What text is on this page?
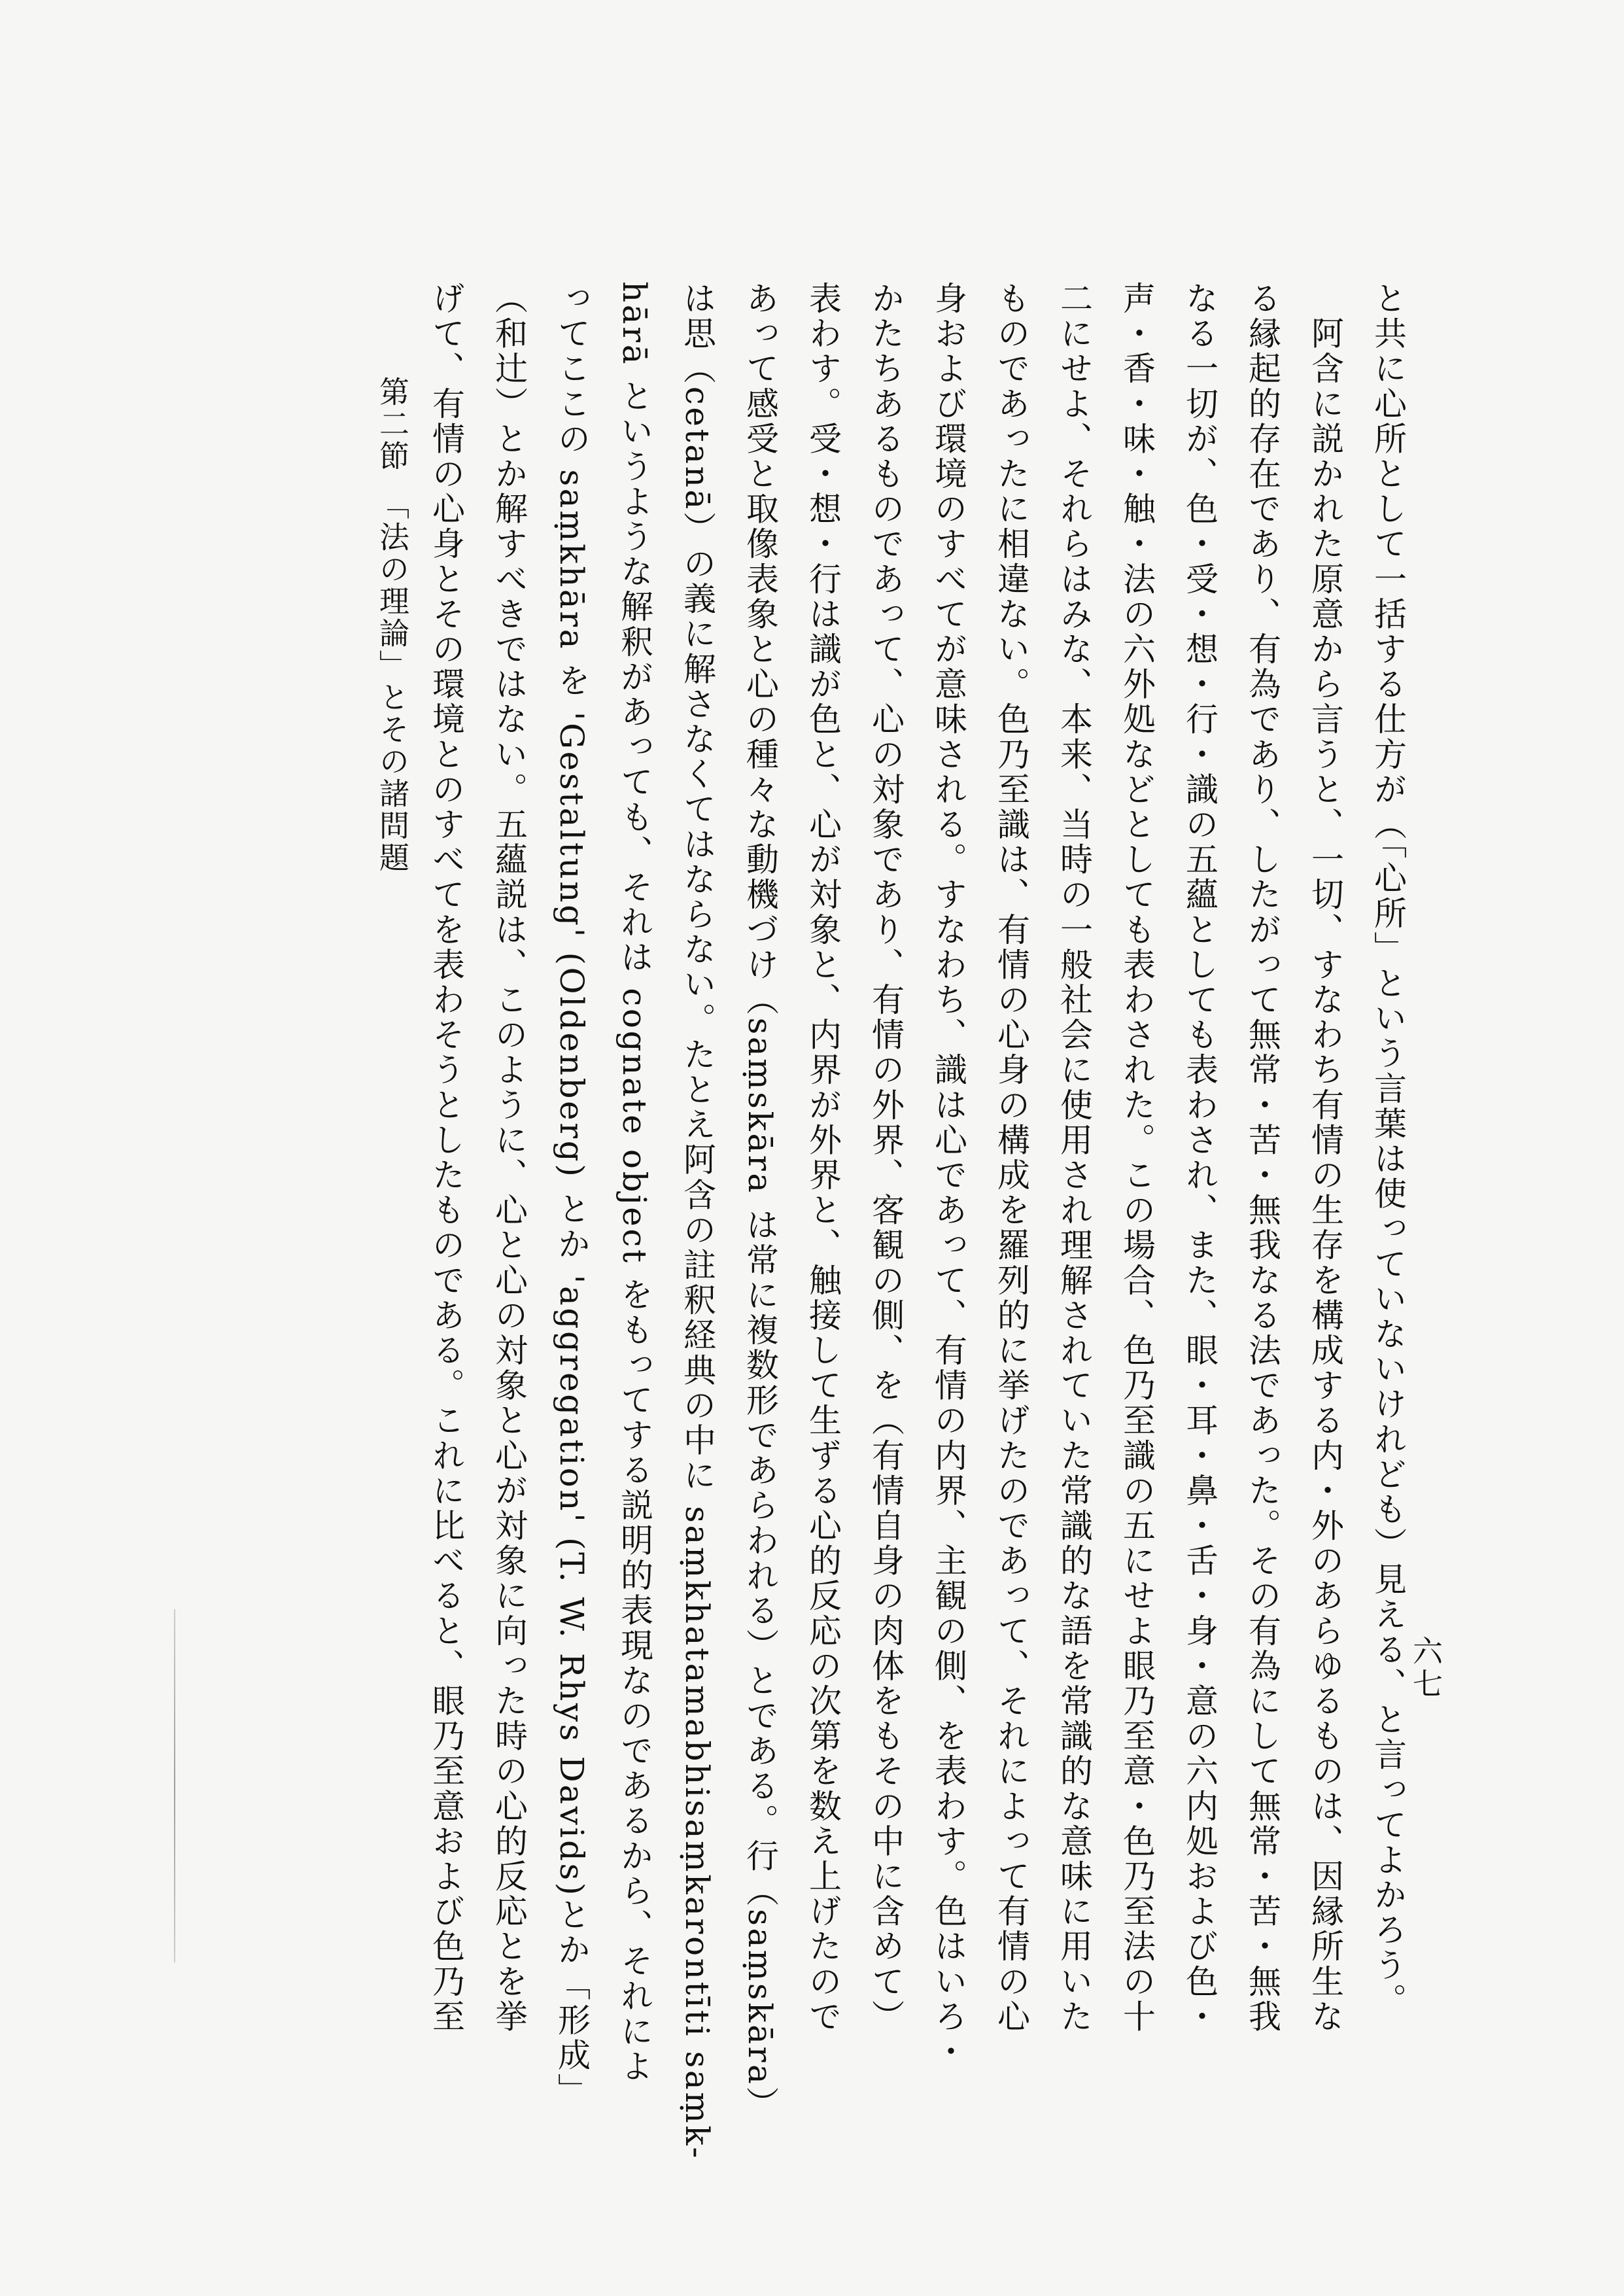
と共に心所として一括する仕方が（「心所」という言葉は使っていないけれども）見える、と言ってよかろう。
　阿含に説かれた原意から言うと、一切、すなわち有情の生存を構成する内・外のあらゆるものは、因縁所生な
る縁起的存在であり、有為であり、したがって無常・苦・無我なる法であった。その有為にして無常・苦・無我
なる一切が、色・受・想・行・識の五蘊としても表わされ、また、眼・耳・鼻・舌・身・意の六内処および色・
声・香・味・触・法の六外処などとしても表わされた。この場合、色乃至識の五にせよ眼乃至意・色乃至法の十
二にせよ、それらはみな、本来、当時の一般社会に使用され理解されていた常識的な語を常識的な意味に用いた
ものであったに相違ない。色乃至識は、有情の心身の構成を羅列的に挙げたのであって、それによって有情の心
身および環境のすべてが意味される。すなわち、識は心であって、有情の内界、主観の側、を表わす。色はいろ・
かたちあるものであって、心の対象であり、有情の外界、客観の側、を（有情自身の肉体をもその中に含めて）
表わす。受・想・行は識が色と、心が対象と、内界が外界と、触接して生ずる心的反応の次第を数え上げたので
あって感受と取像表象と心の種々な動機づけ（saṃskāra は常に複数形であらわれる）とである。行（saṃskāra）
は思（cetanā）の義に解さなくてはならない。たとえ阿含の註釈経典の中に saṃkhatamabhisaṃkarontīti saṃk-
hārā というような解釈があっても、それは cognate object をもってする説明的表現なのであるから、それによ
ってここの saṃkhāra を 'Gestaltung' (Oldenberg) とか 'aggregation' (T. W. Rhys Davids)とか「形成」
（和辻）とか解すべきではない。五蘊説は、このように、心と心の対象と心が対象に向った時の心的反応とを挙
げて、有情の心身とその環境とのすべてを表わそうとしたものである。これに比べると、眼乃至意および色乃至	六七
第二節　「法の理論」とその諸問題
